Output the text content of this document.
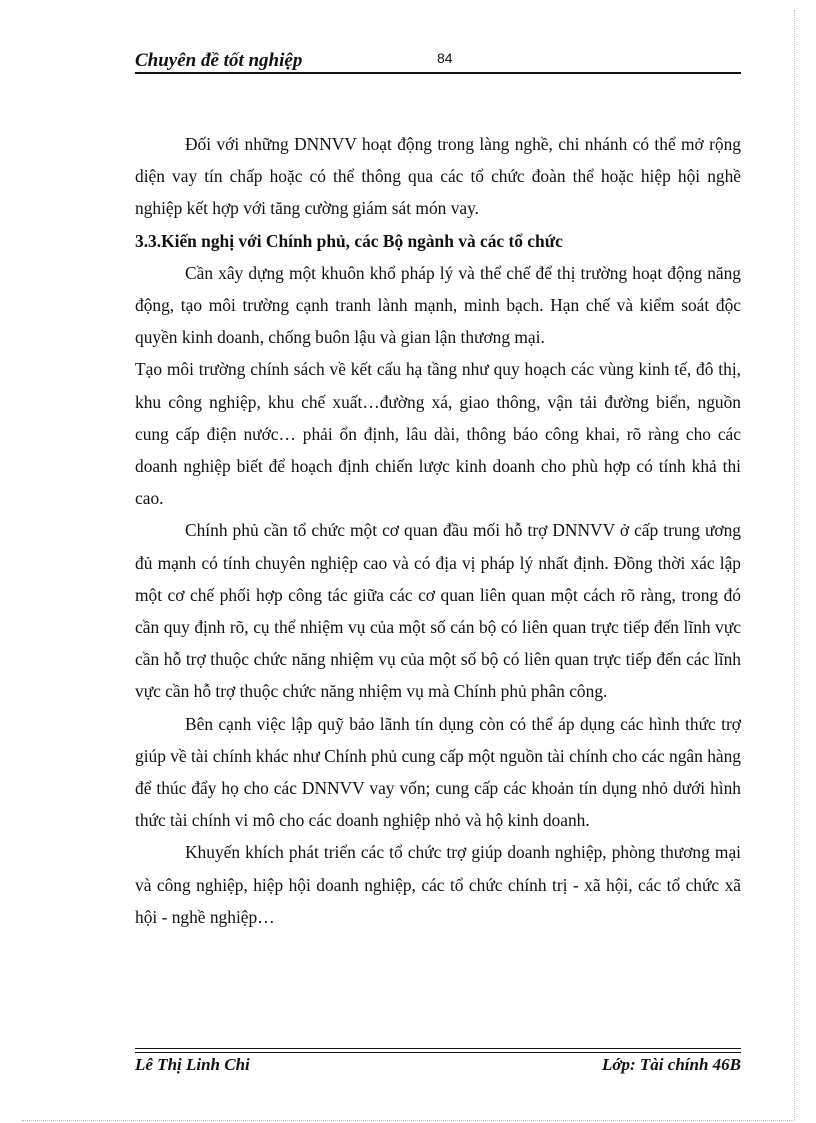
Chuyên đề tốt nghiệp	84

Đối với những DNNVV hoạt động trong làng nghề, chi nhánh có thể mở rộng diện vay tín chấp hoặc có thể thông qua các tổ chức đoàn thể hoặc hiệp hội nghề nghiệp kết hợp với tăng cường giám sát món vay.

3.3.Kiến nghị với Chính phủ, các Bộ ngành và các tổ chức

Cần xây dựng một khuôn khổ pháp lý và thể chế để thị trường hoạt động năng động, tạo môi trường cạnh tranh lành mạnh, minh bạch. Hạn chế và kiểm soát độc quyền kinh doanh, chống buôn lậu và gian lận thương mại.

Tạo môi trường chính sách về kết cấu hạ tầng như quy hoạch các vùng kinh tế, đô thị, khu công nghiệp, khu chế xuất…đường xá, giao thông, vận tải đường biển, nguồn cung cấp điện nước… phải ổn định, lâu dài, thông báo công khai, rõ ràng cho các doanh nghiệp biết để hoạch định chiến lược kinh doanh cho phù hợp có tính khả thi cao.

Chính phủ cần tổ chức một cơ quan đầu mối hỗ trợ DNNVV ở cấp trung ương đủ mạnh có tính chuyên nghiệp cao và có địa vị pháp lý nhất định. Đồng thời xác lập một cơ chế phối hợp công tác giữa các cơ quan liên quan một cách rõ ràng, trong đó cần quy định rõ, cụ thể nhiệm vụ của một số cán bộ có liên quan trực tiếp đến lĩnh vực cần hỗ trợ thuộc chức năng nhiệm vụ của một số bộ có liên quan trực tiếp đến các lĩnh vực cần hỗ trợ thuộc chức năng nhiệm vụ mà Chính phủ phân công.

Bên cạnh việc lập quỹ bảo lãnh tín dụng còn có thể áp dụng các hình thức trợ giúp về tài chính khác như Chính phủ cung cấp một nguồn tài chính cho các ngân hàng để thúc đẩy họ cho các DNNVV vay vốn; cung cấp các khoản tín dụng nhỏ dưới hình thức tài chính vi mô cho các doanh nghiệp nhỏ và hộ kinh doanh.

Khuyến khích phát triển các tổ chức trợ giúp doanh nghiệp, phòng thương mại và công nghiệp, hiệp hội doanh nghiệp, các tổ chức chính trị - xã hội, các tổ chức xã hội - nghề nghiệp…

Lê Thị Linh Chi	Lớp: Tài chính 46B
